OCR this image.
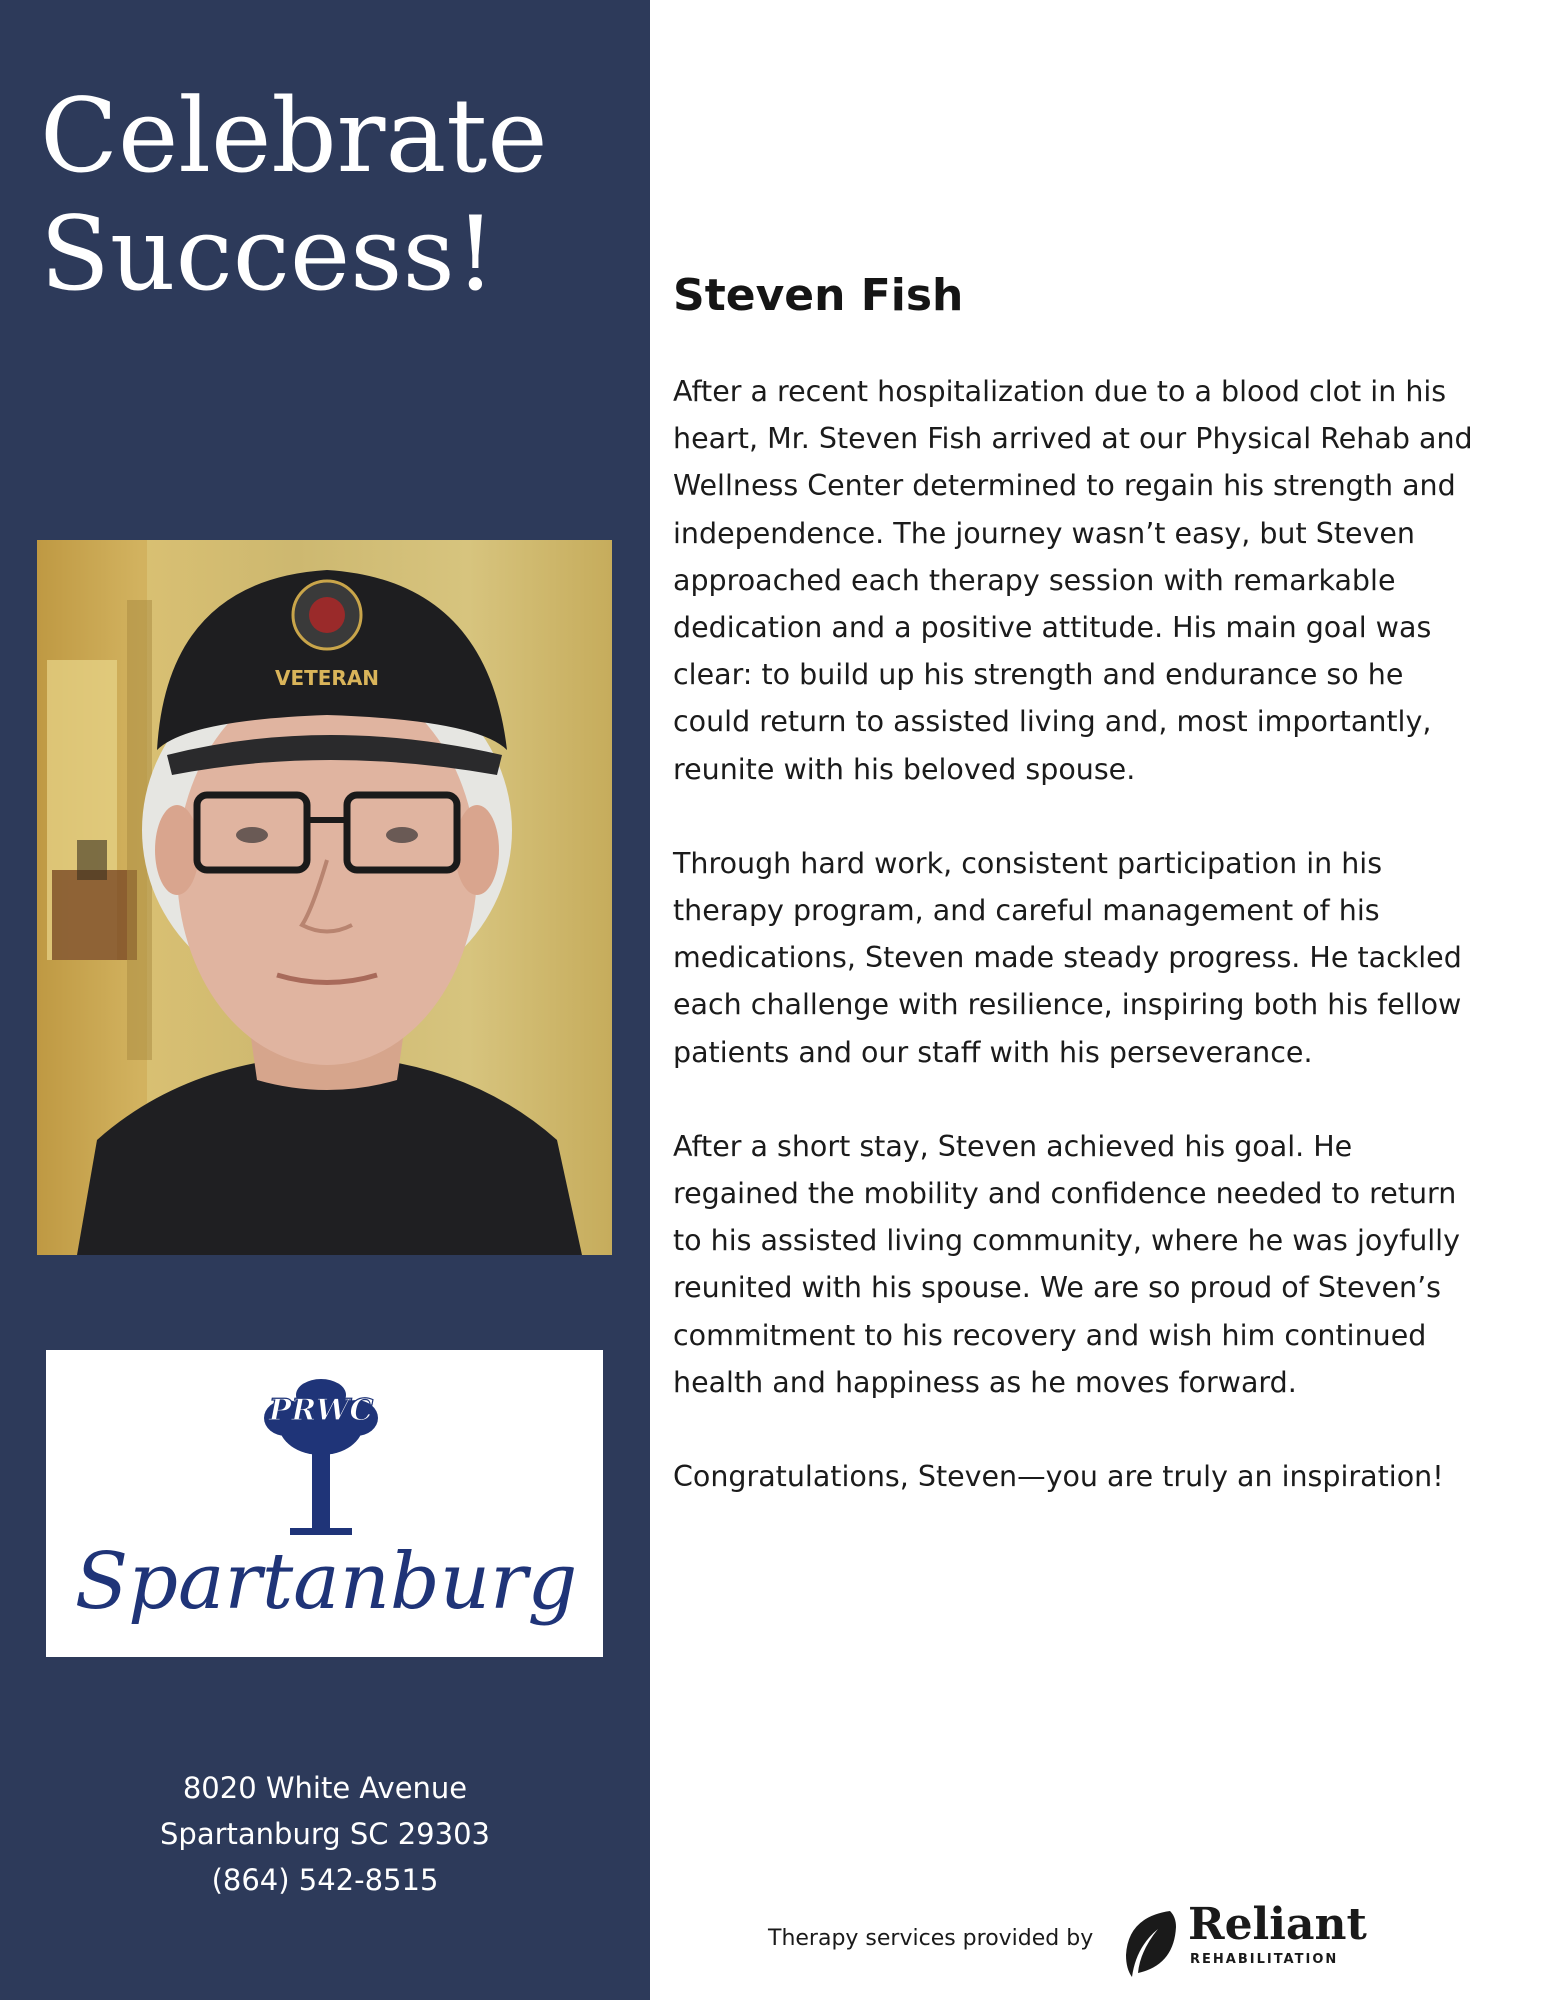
Celebrate
Success!
VETERAN
PRWC
Spartanburg
8020 White Avenue
Spartanburg SC 29303
(864) 542-8515
Steven Fish

After a recent hospitalization due to a blood clot in his heart, Mr. Steven Fish arrived at our Physical Rehab and Wellness Center determined to regain his strength and independence. The journey wasn’t easy, but Steven approached each therapy session with remarkable dedication and a positive attitude. His main goal was clear: to build up his strength and endurance so he could return to assisted living and, most importantly, reunite with his beloved spouse.

Through hard work, consistent participation in his therapy program, and careful management of his medications, Steven made steady progress. He tackled each challenge with resilience, inspiring both his fellow patients and our staff with his perseverance.

After a short stay, Steven achieved his goal. He regained the mobility and confidence needed to return to his assisted living community, where he was joyfully reunited with his spouse. We are so proud of Steven’s commitment to his recovery and wish him continued health and happiness as he moves forward.

Congratulations, Steven—you are truly an inspiration!

Therapy services provided by Reliant
REHABILITATION
